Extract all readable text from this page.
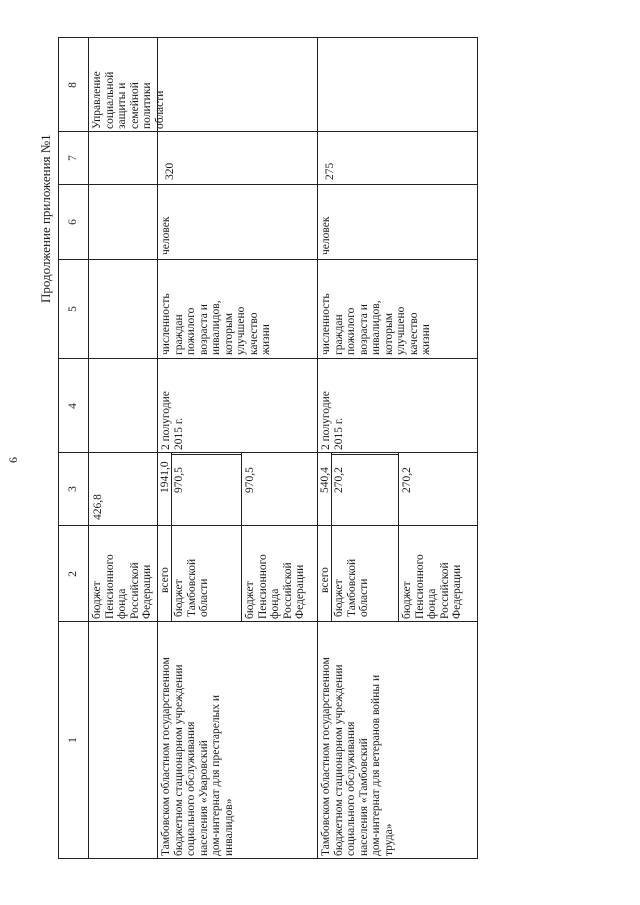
6
Продолжение приложения №1
1
2
3
4
5
6
7
8
бюджет
Пенсионного
фонда
Российской
Федерации
426,8
Управление
социальной
защиты и
семейной
политики
области
Тамбовском областном государственном
бюджетном стационарном учреждении
социального обслуживания
населения «Уваровский
дом-интернат для престарелых и
инвалидов»
всего
1941,0
бюджет
Тамбовской
области
970,5
бюджет
Пенсионного
фонда
Российской
Федерации
970,5
2 полугодие
2015 г.
численность
граждан
пожилого
возраста и
инвалидов,
которым
улучшено
качество
жизни
человек
320
Тамбовском областном государственном
бюджетном стационарном учреждении
социального обслуживания
населения «Тамбовский
дом-интернат для ветеранов войны и
труда»
всего
540,4
бюджет
Тамбовской
области
270,2
бюджет
Пенсионного
фонда
Российской
Федерации
270,2
2 полугодие
2015 г.
численность
граждан
пожилого
возраста и
инвалидов,
которым
улучшено
качество
жизни
человек
275
